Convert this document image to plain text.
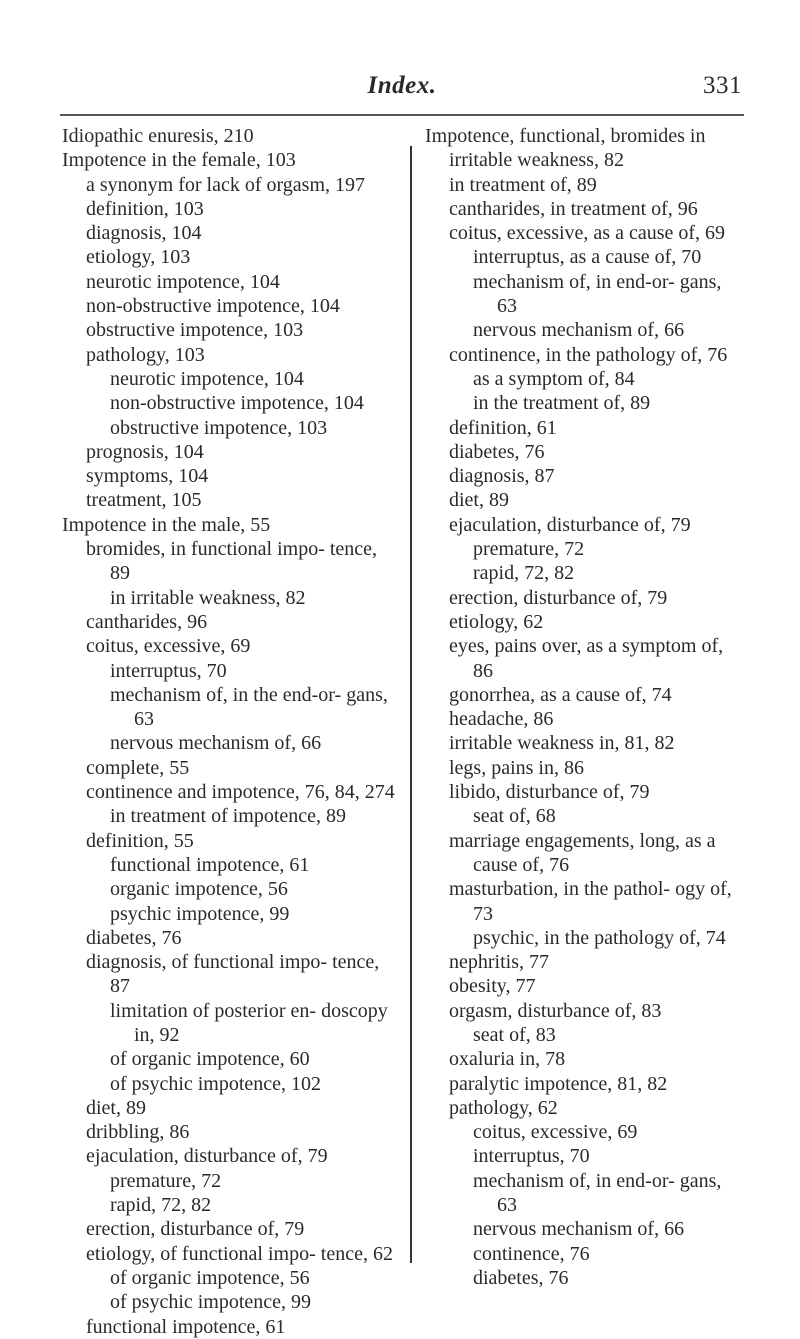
Index.	331
Idiopathic enuresis, 210
Impotence in the female, 103
a synonym for lack of orgasm, 197
definition, 103
diagnosis, 104
etiology, 103
neurotic impotence, 104
non-obstructive impotence, 104
obstructive impotence, 103
pathology, 103
neurotic impotence, 104
non-obstructive impotence, 104
obstructive impotence, 103
prognosis, 104
symptoms, 104
treatment, 105
Impotence in the male, 55
bromides, in functional impo- tence, 89
in irritable weakness, 82
cantharides, 96
coitus, excessive, 69
interruptus, 70
mechanism of, in the end-or- gans, 63
nervous mechanism of, 66
complete, 55
continence and impotence, 76, 84, 274
in treatment of impotence, 89
definition, 55
functional impotence, 61
organic impotence, 56
psychic impotence, 99
diabetes, 76
diagnosis, of functional impo- tence, 87
limitation of posterior en- doscopy in, 92
of organic impotence, 60
of psychic impotence, 102
diet, 89
dribbling, 86
ejaculation, disturbance of, 79
premature, 72
rapid, 72, 82
erection, disturbance of, 79
etiology, of functional impo- tence, 62
of organic impotence, 56
of psychic impotence, 99
functional impotence, 61
Impotence, functional, bromides in irritable weakness, 82
in treatment of, 89
cantharides, in treatment of, 96
coitus, excessive, as a cause of, 69
interruptus, as a cause of, 70
mechanism of, in end-or- gans, 63
nervous mechanism of, 66
continence, in the pathology of, 76
as a symptom of, 84
in the treatment of, 89
definition, 61
diabetes, 76
diagnosis, 87
diet, 89
ejaculation, disturbance of, 79
premature, 72
rapid, 72, 82
erection, disturbance of, 79
etiology, 62
eyes, pains over, as a symptom of, 86
gonorrhea, as a cause of, 74
headache, 86
irritable weakness in, 81, 82
legs, pains in, 86
libido, disturbance of, 79
seat of, 68
marriage engagements, long, as a cause of, 76
masturbation, in the pathol- ogy of, 73
psychic, in the pathology of, 74
nephritis, 77
obesity, 77
orgasm, disturbance of, 83
seat of, 83
oxaluria in, 78
paralytic impotence, 81, 82
pathology, 62
coitus, excessive, 69
interruptus, 70
mechanism of, in end-or- gans, 63
nervous mechanism of, 66
continence, 76
diabetes, 76
